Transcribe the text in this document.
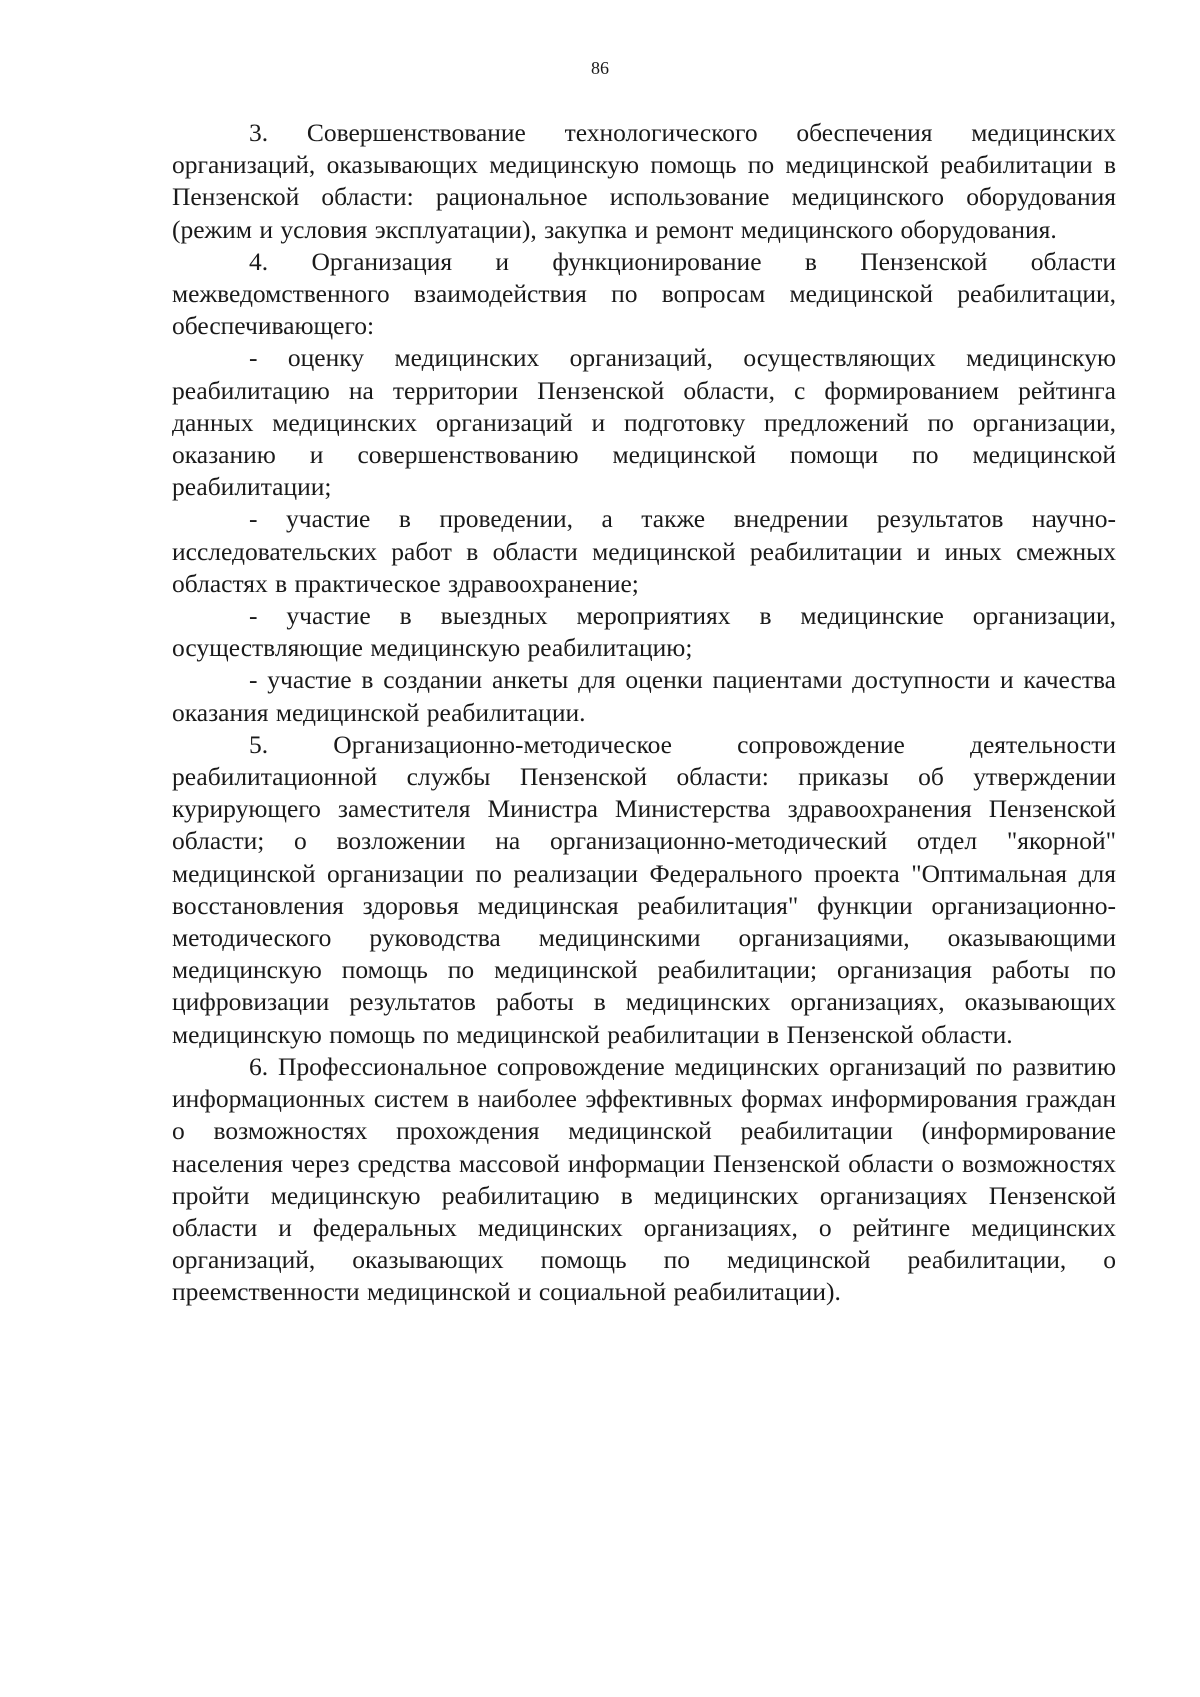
86

3. Совершенствование технологического обеспечения медицинских организаций, оказывающих медицинскую помощь по медицинской реабилитации в Пензенской области: рациональное использование медицинского оборудования (режим и условия эксплуатации), закупка и ремонт медицинского оборудования.

4. Организация и функционирование в Пензенской области межведомственного взаимодействия по вопросам медицинской реабилитации, обеспечивающего:

- оценку медицинских организаций, осуществляющих медицинскую реабилитацию на территории Пензенской области, с формированием рейтинга данных медицинских организаций и подготовку предложений по организации, оказанию и совершенствованию медицинской помощи по медицинской реабилитации;

- участие в проведении, а также внедрении результатов научно-исследовательских работ в области медицинской реабилитации и иных смежных областях в практическое здравоохранение;

- участие в выездных мероприятиях в медицинские организации, осуществляющие медицинскую реабилитацию;

- участие в создании анкеты для оценки пациентами доступности и качества оказания медицинской реабилитации.

5. Организационно-методическое сопровождение деятельности реабилитационной службы Пензенской области: приказы об утверждении курирующего заместителя Министра Министерства здравоохранения Пензенской области; о возложении на организационно-методический отдел "якорной" медицинской организации по реализации Федерального проекта "Оптимальная для восстановления здоровья медицинская реабилитация" функции организационно-методического руководства медицинскими организациями, оказывающими медицинскую помощь по медицинской реабилитации; организация работы по цифровизации результатов работы в медицинских организациях, оказывающих медицинскую помощь по медицинской реабилитации в Пензенской области.

6. Профессиональное сопровождение медицинских организаций по развитию информационных систем в наиболее эффективных формах информирования граждан о возможностях прохождения медицинской реабилитации (информирование населения через средства массовой информации Пензенской области о возможностях пройти медицинскую реабилитацию в медицинских организациях Пензенской области и федеральных медицинских организациях, о рейтинге медицинских организаций, оказывающих помощь по медицинской реабилитации, о преемственности медицинской и социальной реабилитации).
